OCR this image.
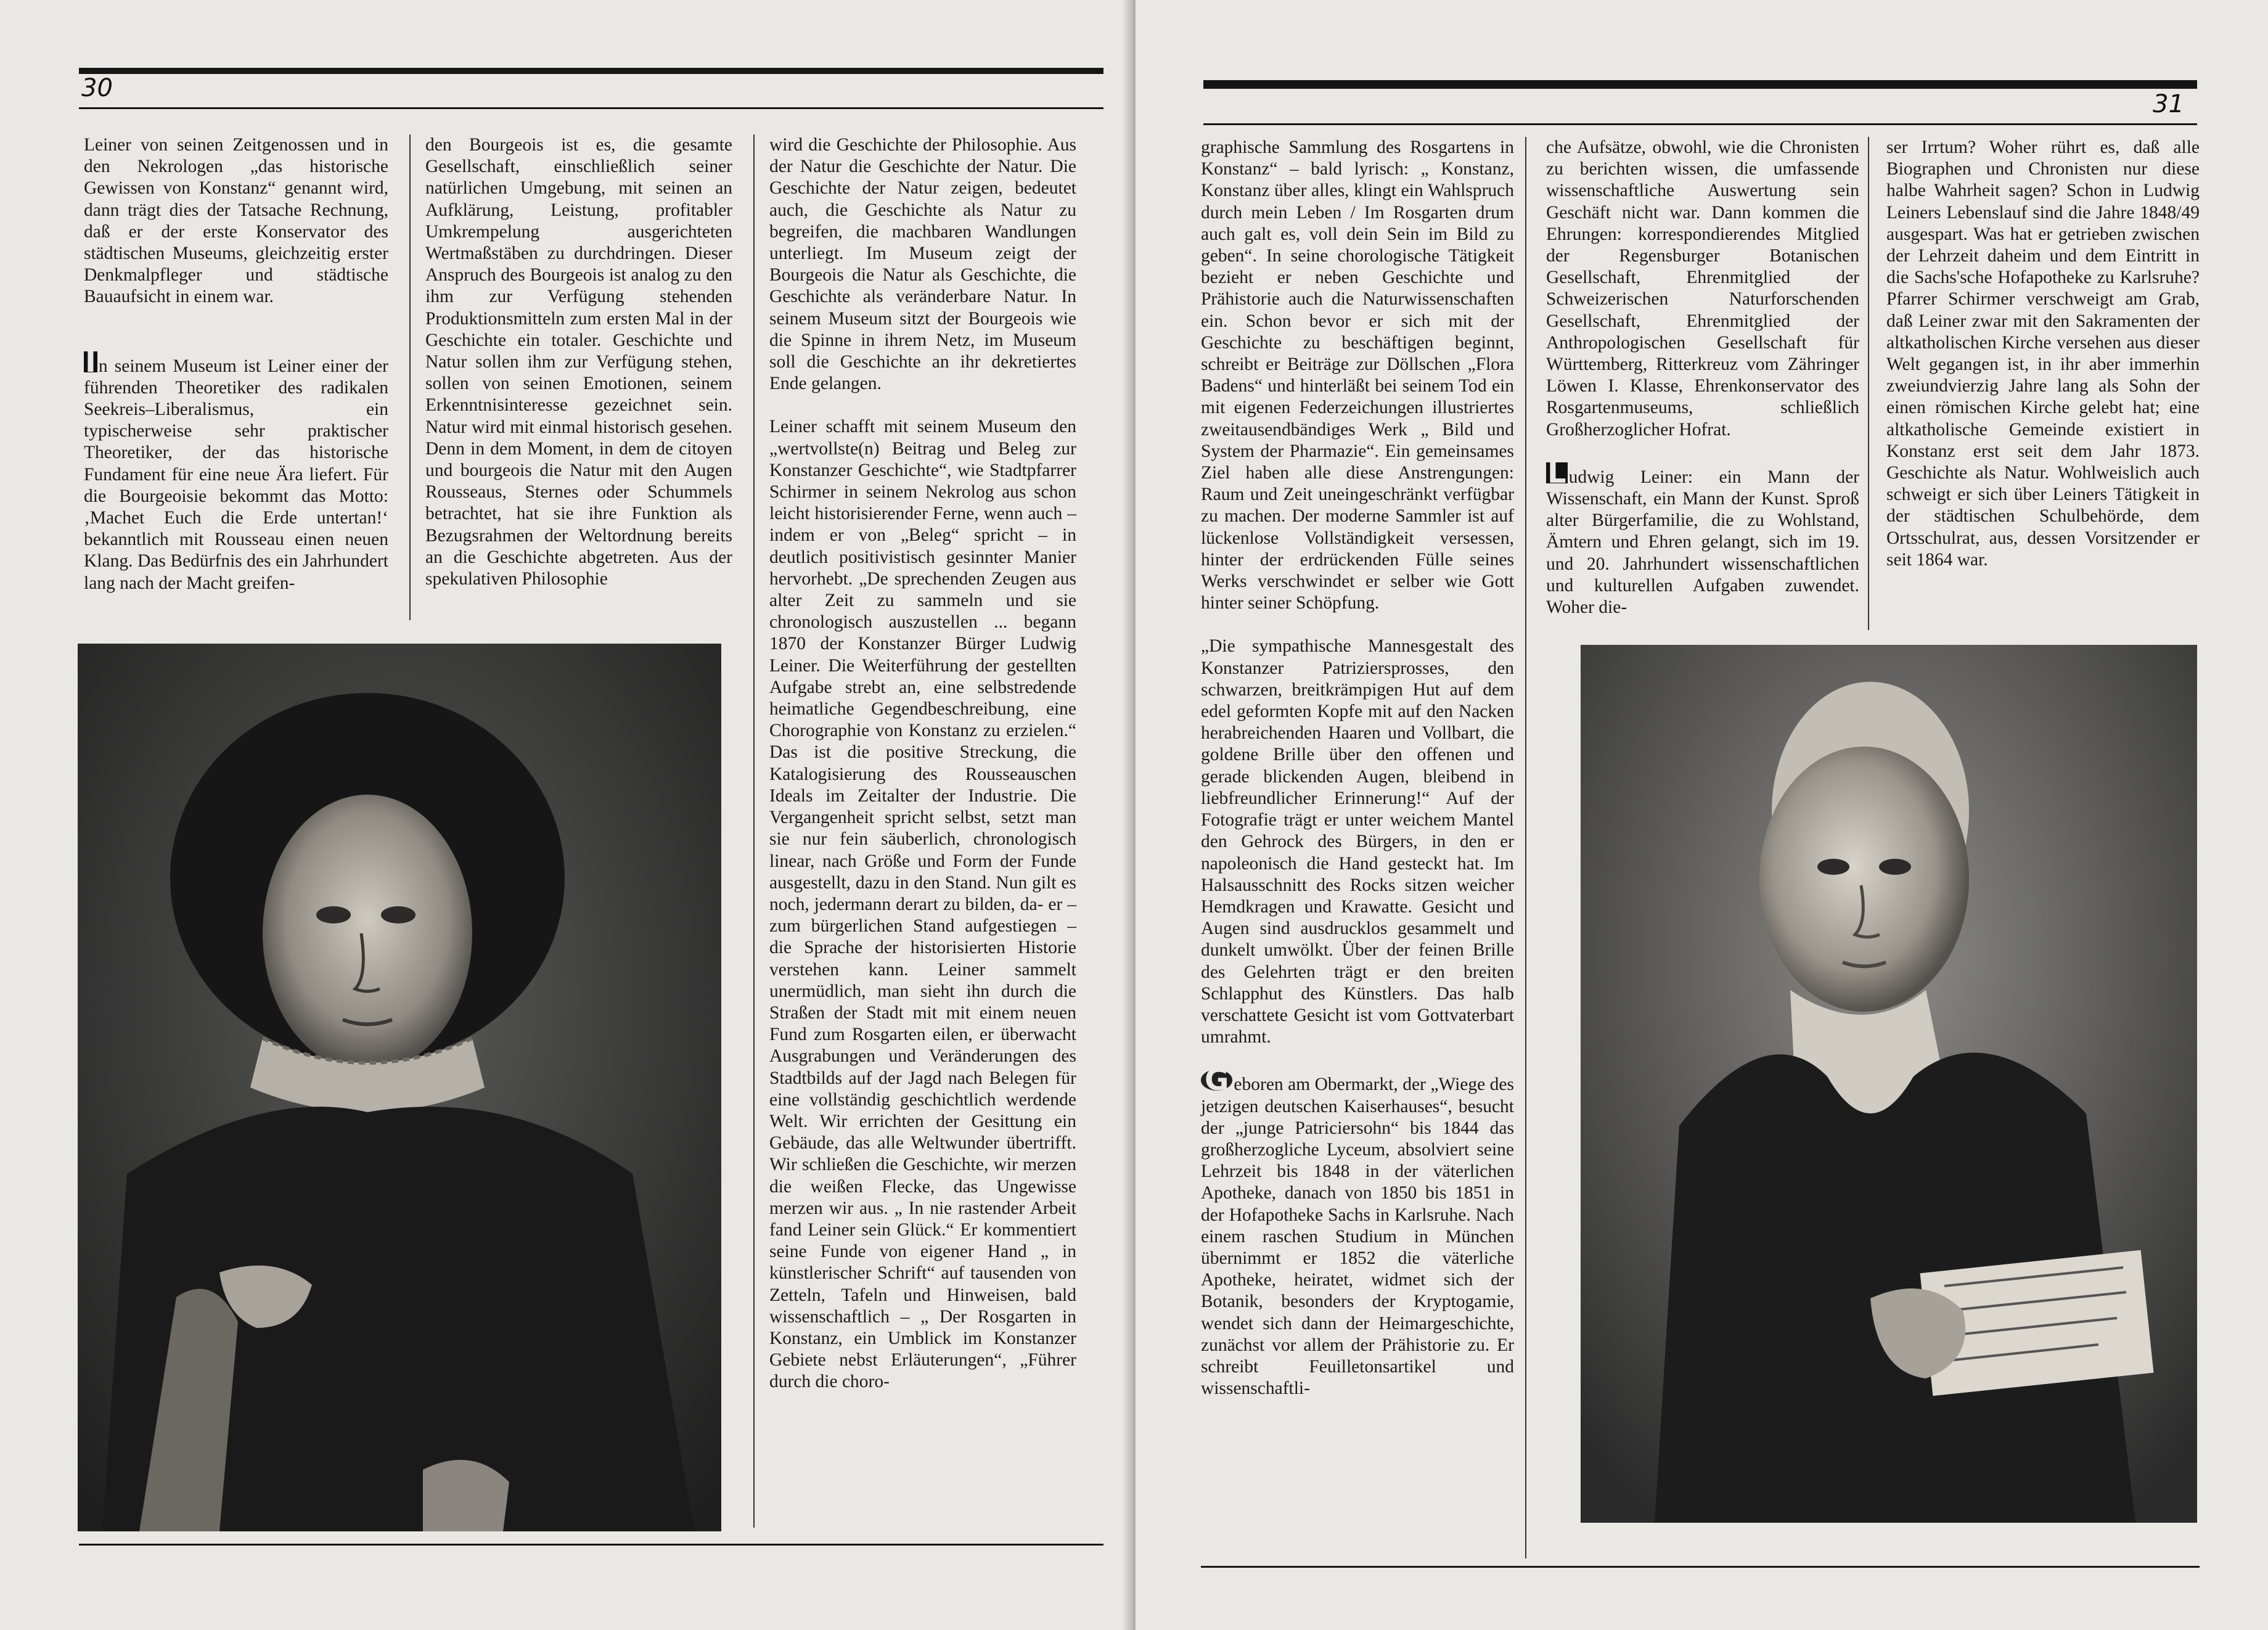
30

Leiner von seinen Zeitgenossen und in den Nekrologen „das historische Gewissen von Konstanz“ genannt wird, dann trägt dies der Tatsache Rechnung, daß er der erste Konservator des städtischen Museums, gleichzeitig erster Denkmalpfleger und städtische Bauaufsicht in einem war.

I n seinem Museum ist Leiner einer der führenden Theoretiker des radikalen Seekreis–Liberalismus, ein typischerweise sehr praktischer Theoretiker, der das historische Fundament für eine neue Ära liefert. Für die Bourgeoisie bekommt das Motto: ‚Machet Euch die Erde untertan!‘ bekanntlich mit Rousseau einen neuen Klang. Das Bedürfnis des ein Jahrhundert lang nach der Macht greifen-

den Bourgeois ist es, die gesamte Gesellschaft, einschließlich seiner natürlichen Umgebung, mit seinen an Aufklärung, Leistung, profitabler Umkrempelung ausgerichteten Wertmaßstäben zu durchdringen. Dieser Anspruch des Bourgeois ist analog zu den ihm zur Verfügung stehenden Produktionsmitteln zum ersten Mal in der Geschichte ein totaler. Geschichte und Natur sollen ihm zur Verfügung stehen, sollen von seinen Emotionen, seinem Erkenntnisinteresse gezeichnet sein. Natur wird mit einmal historisch gesehen. Denn in dem Moment, in dem de citoyen und bourgeois die Natur mit den Augen Rousseaus, Sternes oder Schummels betrachtet, hat sie ihre Funktion als Bezugsrahmen der Weltordnung bereits an die Geschichte abgetreten. Aus der spekulativen Philosophie

wird die Geschichte der Philosophie. Aus der Natur die Geschichte der Natur. Die Geschichte der Natur zeigen, bedeutet auch, die Geschichte als Natur zu begreifen, die machbaren Wandlungen unterliegt. Im Museum zeigt der Bourgeois die Natur als Geschichte, die Geschichte als veränderbare Natur. In seinem Museum sitzt der Bourgeois wie die Spinne in ihrem Netz, im Museum soll die Geschichte an ihr dekretiertes Ende gelangen.

Leiner schafft mit seinem Museum den „wertvollste(n) Beitrag und Beleg zur Konstanzer Geschichte“, wie Stadtpfarrer Schirmer in seinem Nekrolog aus schon leicht historisierender Ferne, wenn auch – indem er von „Beleg“ spricht – in deutlich positivistisch gesinnter Manier hervorhebt. „De sprechenden Zeugen aus alter Zeit zu sammeln und sie chronologisch auszustellen ... begann 1870 der Konstanzer Bürger Ludwig Leiner. Die Weiterführung der gestellten Aufgabe strebt an, eine selbstredende heimatliche Gegendbeschreibung, eine Chorographie von Konstanz zu erzielen.“ Das ist die positive Streckung, die Katalogisierung des Rousseauschen Ideals im Zeitalter der Industrie. Die Vergangenheit spricht selbst, setzt man sie nur fein säuberlich, chronologisch linear, nach Größe und Form der Funde ausgestellt, dazu in den Stand. Nun gilt es noch, jedermann derart zu bilden, da- er – zum bürgerlichen Stand aufgestiegen – die Sprache der historisierten Historie verstehen kann. Leiner sammelt unermüdlich, man sieht ihn durch die Straßen der Stadt mit mit einem neuen Fund zum Rosgarten eilen, er überwacht Ausgrabungen und Veränderungen des Stadtbilds auf der Jagd nach Belegen für eine vollständig geschichtlich werdende Welt. Wir errichten der Gesittung ein Gebäude, das alle Weltwunder übertrifft. Wir schließen die Geschichte, wir merzen die weißen Flecke, das Ungewisse merzen wir aus. „ In nie rastender Arbeit fand Leiner sein Glück.“ Er kommentiert seine Funde von eigener Hand „ in künstlerischer Schrift“ auf tausenden von Zetteln, Tafeln und Hinweisen, bald wissenschaftlich – „ Der Rosgarten in Konstanz, ein Umblick im Konstanzer Gebiete nebst Erläuterungen“, „Führer durch die choro-

31

graphische Sammlung des Rosgartens in Konstanz“ – bald lyrisch: „ Konstanz, Konstanz über alles, klingt ein Wahlspruch durch mein Leben / Im Rosgarten drum auch galt es, voll dein Sein im Bild zu geben“. In seine chorologische Tätigkeit bezieht er neben Geschichte und Prähistorie auch die Naturwissenschaften ein. Schon bevor er sich mit der Geschichte zu beschäftigen beginnt, schreibt er Beiträge zur Döllschen „Flora Badens“ und hinterläßt bei seinem Tod ein mit eigenen Federzeichungen illustriertes zweitausendbändiges Werk „ Bild und System der Pharmazie“. Ein gemeinsames Ziel haben alle diese Anstrengungen: Raum und Zeit uneingeschränkt verfügbar zu machen. Der moderne Sammler ist auf lückenlose Vollständigkeit versessen, hinter der erdrückenden Fülle seines Werks verschwindet er selber wie Gott hinter seiner Schöpfung.

„Die sympathische Mannesgestalt des Konstanzer Patriziersprosses, den schwarzen, breitkrämpigen Hut auf dem edel geformten Kopfe mit auf den Nacken herabreichenden Haaren und Vollbart, die goldene Brille über den offenen und gerade blickenden Augen, bleibend in liebfreundlicher Erinnerung!“ Auf der Fotografie trägt er unter weichem Mantel den Gehrock des Bürgers, in den er napoleonisch die Hand gesteckt hat. Im Halsausschnitt des Rocks sitzen weicher Hemdkragen und Krawatte. Gesicht und Augen sind ausdrucklos gesammelt und dunkelt umwölkt. Über der feinen Brille des Gelehrten trägt er den breiten Schlapphut des Künstlers. Das halb verschattete Gesicht ist vom Gottvaterbart umrahmt.

G eboren am Obermarkt, der „Wiege des jetzigen deutschen Kaiserhauses“, besucht der „junge Patriciersohn“ bis 1844 das großherzogliche Lyceum, absolviert seine Lehrzeit bis 1848 in der väterlichen Apotheke, danach von 1850 bis 1851 in der Hofapotheke Sachs in Karlsruhe. Nach einem raschen Studium in München übernimmt er 1852 die väterliche Apotheke, heiratet, widmet sich der Botanik, besonders der Kryptogamie, wendet sich dann der Heimargeschichte, zunächst vor allem der Prähistorie zu. Er schreibt Feuilletonsartikel und wissenschaftli-

che Aufsätze, obwohl, wie die Chronisten zu berichten wissen, die umfassende wissenschaftliche Auswertung sein Geschäft nicht war. Dann kommen die Ehrungen: korrespondierendes Mitglied der Regensburger Botanischen Gesellschaft, Ehrenmitglied der Schweizerischen Naturforschenden Gesellschaft, Ehrenmitglied der Anthropologischen Gesellschaft für Württemberg, Ritterkreuz vom Zähringer Löwen I. Klasse, Ehrenkonservator des Rosgartenmuseums, schließlich Großherzoglicher Hofrat.

L udwig Leiner: ein Mann der Wissenschaft, ein Mann der Kunst. Sproß alter Bürgerfamilie, die zu Wohlstand, Ämtern und Ehren gelangt, sich im 19. und 20. Jahrhundert wissenschaftlichen und kulturellen Aufgaben zuwendet. Woher die-

ser Irrtum? Woher rührt es, daß alle Biographen und Chronisten nur diese halbe Wahrheit sagen? Schon in Ludwig Leiners Lebenslauf sind die Jahre 1848/49 ausgespart. Was hat er getrieben zwischen der Lehrzeit daheim und dem Eintritt in die Sachs'sche Hofapotheke zu Karlsruhe? Pfarrer Schirmer verschweigt am Grab, daß Leiner zwar mit den Sakramenten der altkatholischen Kirche versehen aus dieser Welt gegangen ist, in ihr aber immerhin zweiundvierzig Jahre lang als Sohn der einen römischen Kirche gelebt hat; eine altkatholische Gemeinde existiert in Konstanz erst seit dem Jahr 1873. Geschichte als Natur. Wohlweislich auch schweigt er sich über Leiners Tätigkeit in der städtischen Schulbehörde, dem Ortsschulrat, aus, dessen Vorsitzender er seit 1864 war.
